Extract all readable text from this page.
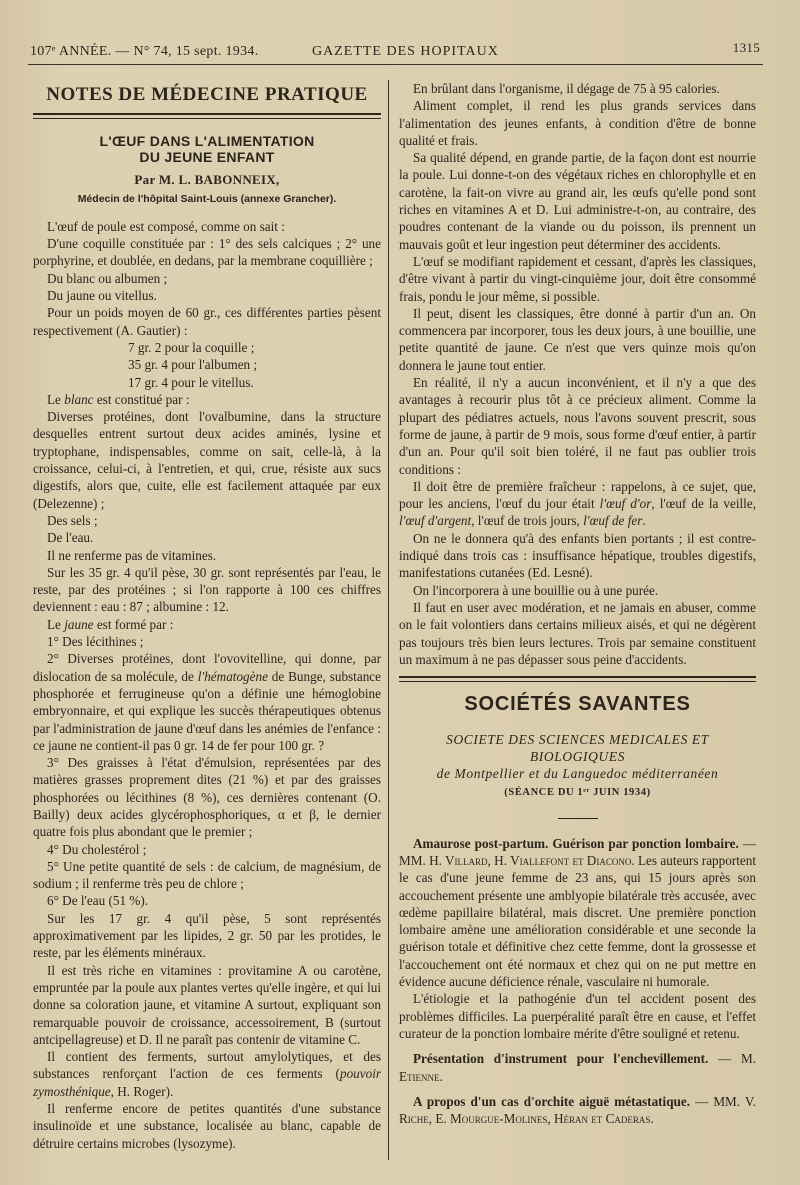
107ᵉ ANNÉE. — N° 74, 15 sept. 1934.	GAZETTE DES HOPITAUX	1315
NOTES DE MÉDECINE PRATIQUE
L'ŒUF DANS L'ALIMENTATION
DU JEUNE ENFANT
Par M. L. BABONNEIX,
Médecin de l'hôpital Saint-Louis (annexe Grancher).

L'œuf de poule est composé, comme on sait :

D'une coquille constituée par : 1° des sels calciques ; 2° une porphyrine, et doublée, en dedans, par la membrane coquillière ;

Du blanc ou albumen ;

Du jaune ou vitellus.

Pour un poids moyen de 60 gr., ces différentes parties pèsent respectivement (A. Gautier) :

7 gr. 2 pour la coquille ;

35 gr. 4 pour l'albumen ;

17 gr. 4 pour le vitellus.

Le blanc est constitué par :

Diverses protéines, dont l'ovalbumine, dans la structure desquelles entrent surtout deux acides aminés, lysine et tryptophane, indispensables, comme on sait, celle-là, à la croissance, celui-ci, à l'entretien, et qui, crue, résiste aux sucs digestifs, alors que, cuite, elle est facilement attaquée par eux (Delezenne) ;

Des sels ;

De l'eau.

Il ne renferme pas de vitamines.

Sur les 35 gr. 4 qu'il pèse, 30 gr. sont représentés par l'eau, le reste, par des protéines ; si l'on rapporte à 100 ces chiffres deviennent : eau : 87 ; albumine : 12.

Le jaune est formé par :

1° Des lécithines ;

2° Diverses protéines, dont l'ovovitelline, qui donne, par dislocation de sa molécule, de l'hématogène de Bunge, substance phosphorée et ferrugineuse qu'on a définie une hémoglobine embryonnaire, et qui explique les succès thérapeutiques obtenus par l'administration de jaune d'œuf dans les anémies de l'enfance : ce jaune ne contient-il pas 0 gr. 14 de fer pour 100 gr. ?

3° Des graisses à l'état d'émulsion, représentées par des matières grasses proprement dites (21 %) et par des graisses phosphorées ou lécithines (8 %), ces dernières contenant (O. Bailly) deux acides glycérophosphoriques, α et β, le dernier quatre fois plus abondant que le premier ;

4° Du cholestérol ;

5° Une petite quantité de sels : de calcium, de magnésium, de sodium ; il renferme très peu de chlore ;

6° De l'eau (51 %).

Sur les 17 gr. 4 qu'il pèse, 5 sont représentés approximativement par les lipides, 2 gr. 50 par les protides, le reste, par les éléments minéraux.

Il est très riche en vitamines : provitamine A ou carotène, empruntée par la poule aux plantes vertes qu'elle ingère, et qui lui donne sa coloration jaune, et vitamine A surtout, expliquant son remarquable pouvoir de croissance, accessoirement, B (surtout antcipellagreuse) et D. Il ne paraît pas contenir de vitamine C.

Il contient des ferments, surtout amylolytiques, et des substances renforçant l'action de ces ferments (pouvoir zymosthénique, H. Roger).

Il renferme encore de petites quantités d'une substance insulinoïde et une substance, localisée au blanc, capable de détruire certains microbes (lysozyme).

En brûlant dans l'organisme, il dégage de 75 à 95 calories.

Aliment complet, il rend les plus grands services dans l'alimentation des jeunes enfants, à condition d'être de bonne qualité et frais.

Sa qualité dépend, en grande partie, de la façon dont est nourrie la poule. Lui donne-t-on des végétaux riches en chlorophylle et en carotène, la fait-on vivre au grand air, les œufs qu'elle pond sont riches en vitamines A et D. Lui administre-t-on, au contraire, des poudres contenant de la viande ou du poisson, ils prennent un mauvais goût et leur ingestion peut déterminer des accidents.

L'œuf se modifiant rapidement et cessant, d'après les classiques, d'être vivant à partir du vingt-cinquième jour, doit être consommé frais, pondu le jour même, si possible.

Il peut, disent les classiques, être donné à partir d'un an. On commencera par incorporer, tous les deux jours, à une bouillie, une petite quantité de jaune. Ce n'est que vers quinze mois qu'on donnera le jaune tout entier.

En réalité, il n'y a aucun inconvénient, et il n'y a que des avantages à recourir plus tôt à ce précieux aliment. Comme la plupart des pédiatres actuels, nous l'avons souvent prescrit, sous forme de jaune, à partir de 9 mois, sous forme d'œuf entier, à partir d'un an. Pour qu'il soit bien toléré, il ne faut pas oublier trois conditions :

Il doit être de première fraîcheur : rappelons, à ce sujet, que, pour les anciens, l'œuf du jour était l'œuf d'or, l'œuf de la veille, l'œuf d'argent, l'œuf de trois jours, l'œuf de fer.

On ne le donnera qu'à des enfants bien portants ; il est contre-indiqué dans trois cas : insuffisance hépatique, troubles digestifs, manifestations cutanées (Ed. Lesné).

On l'incorporera à une bouillie ou à une purée.

Il faut en user avec modération, et ne jamais en abuser, comme on le fait volontiers dans certains milieux aisés, et qui ne dégèrent pas toujours très bien leurs lectures. Trois par semaine constituent un maximum à ne pas dépasser sous peine d'accidents.

SOCIÉTÉS SAVANTES
SOCIETE DES SCIENCES MEDICALES ET BIOLOGIQUES
de Montpellier et du Languedoc méditerranéen
(SÉANCE DU 1ᵉʳ JUIN 1934)

Amaurose post-partum. Guérison par ponction lombaire. — MM. H. Villard, H. Viallefont et Diacono. Les auteurs rapportent le cas d'une jeune femme de 23 ans, qui 15 jours après son accouchement présente une amblyopie bilatérale très accusée, avec œdème papillaire bilatéral, mais discret. Une première ponction lombaire amène une amélioration considérable et une seconde la guérison totale et définitive chez cette femme, dont la grossesse et l'accouchement ont été normaux et chez qui on ne put mettre en évidence aucune déficience rénale, vasculaire ni humorale.

L'étiologie et la pathogénie d'un tel accident posent des problèmes difficiles. La puerpéralité paraît être en cause, et l'effet curateur de la ponction lombaire mérite d'être souligné et retenu.

Présentation d'instrument pour l'enchevillement. — M. Etienne.

A propos d'un cas d'orchite aiguë métastatique. — MM. V. Riche, E. Mourgue-Molines, Héran et Caderas.
